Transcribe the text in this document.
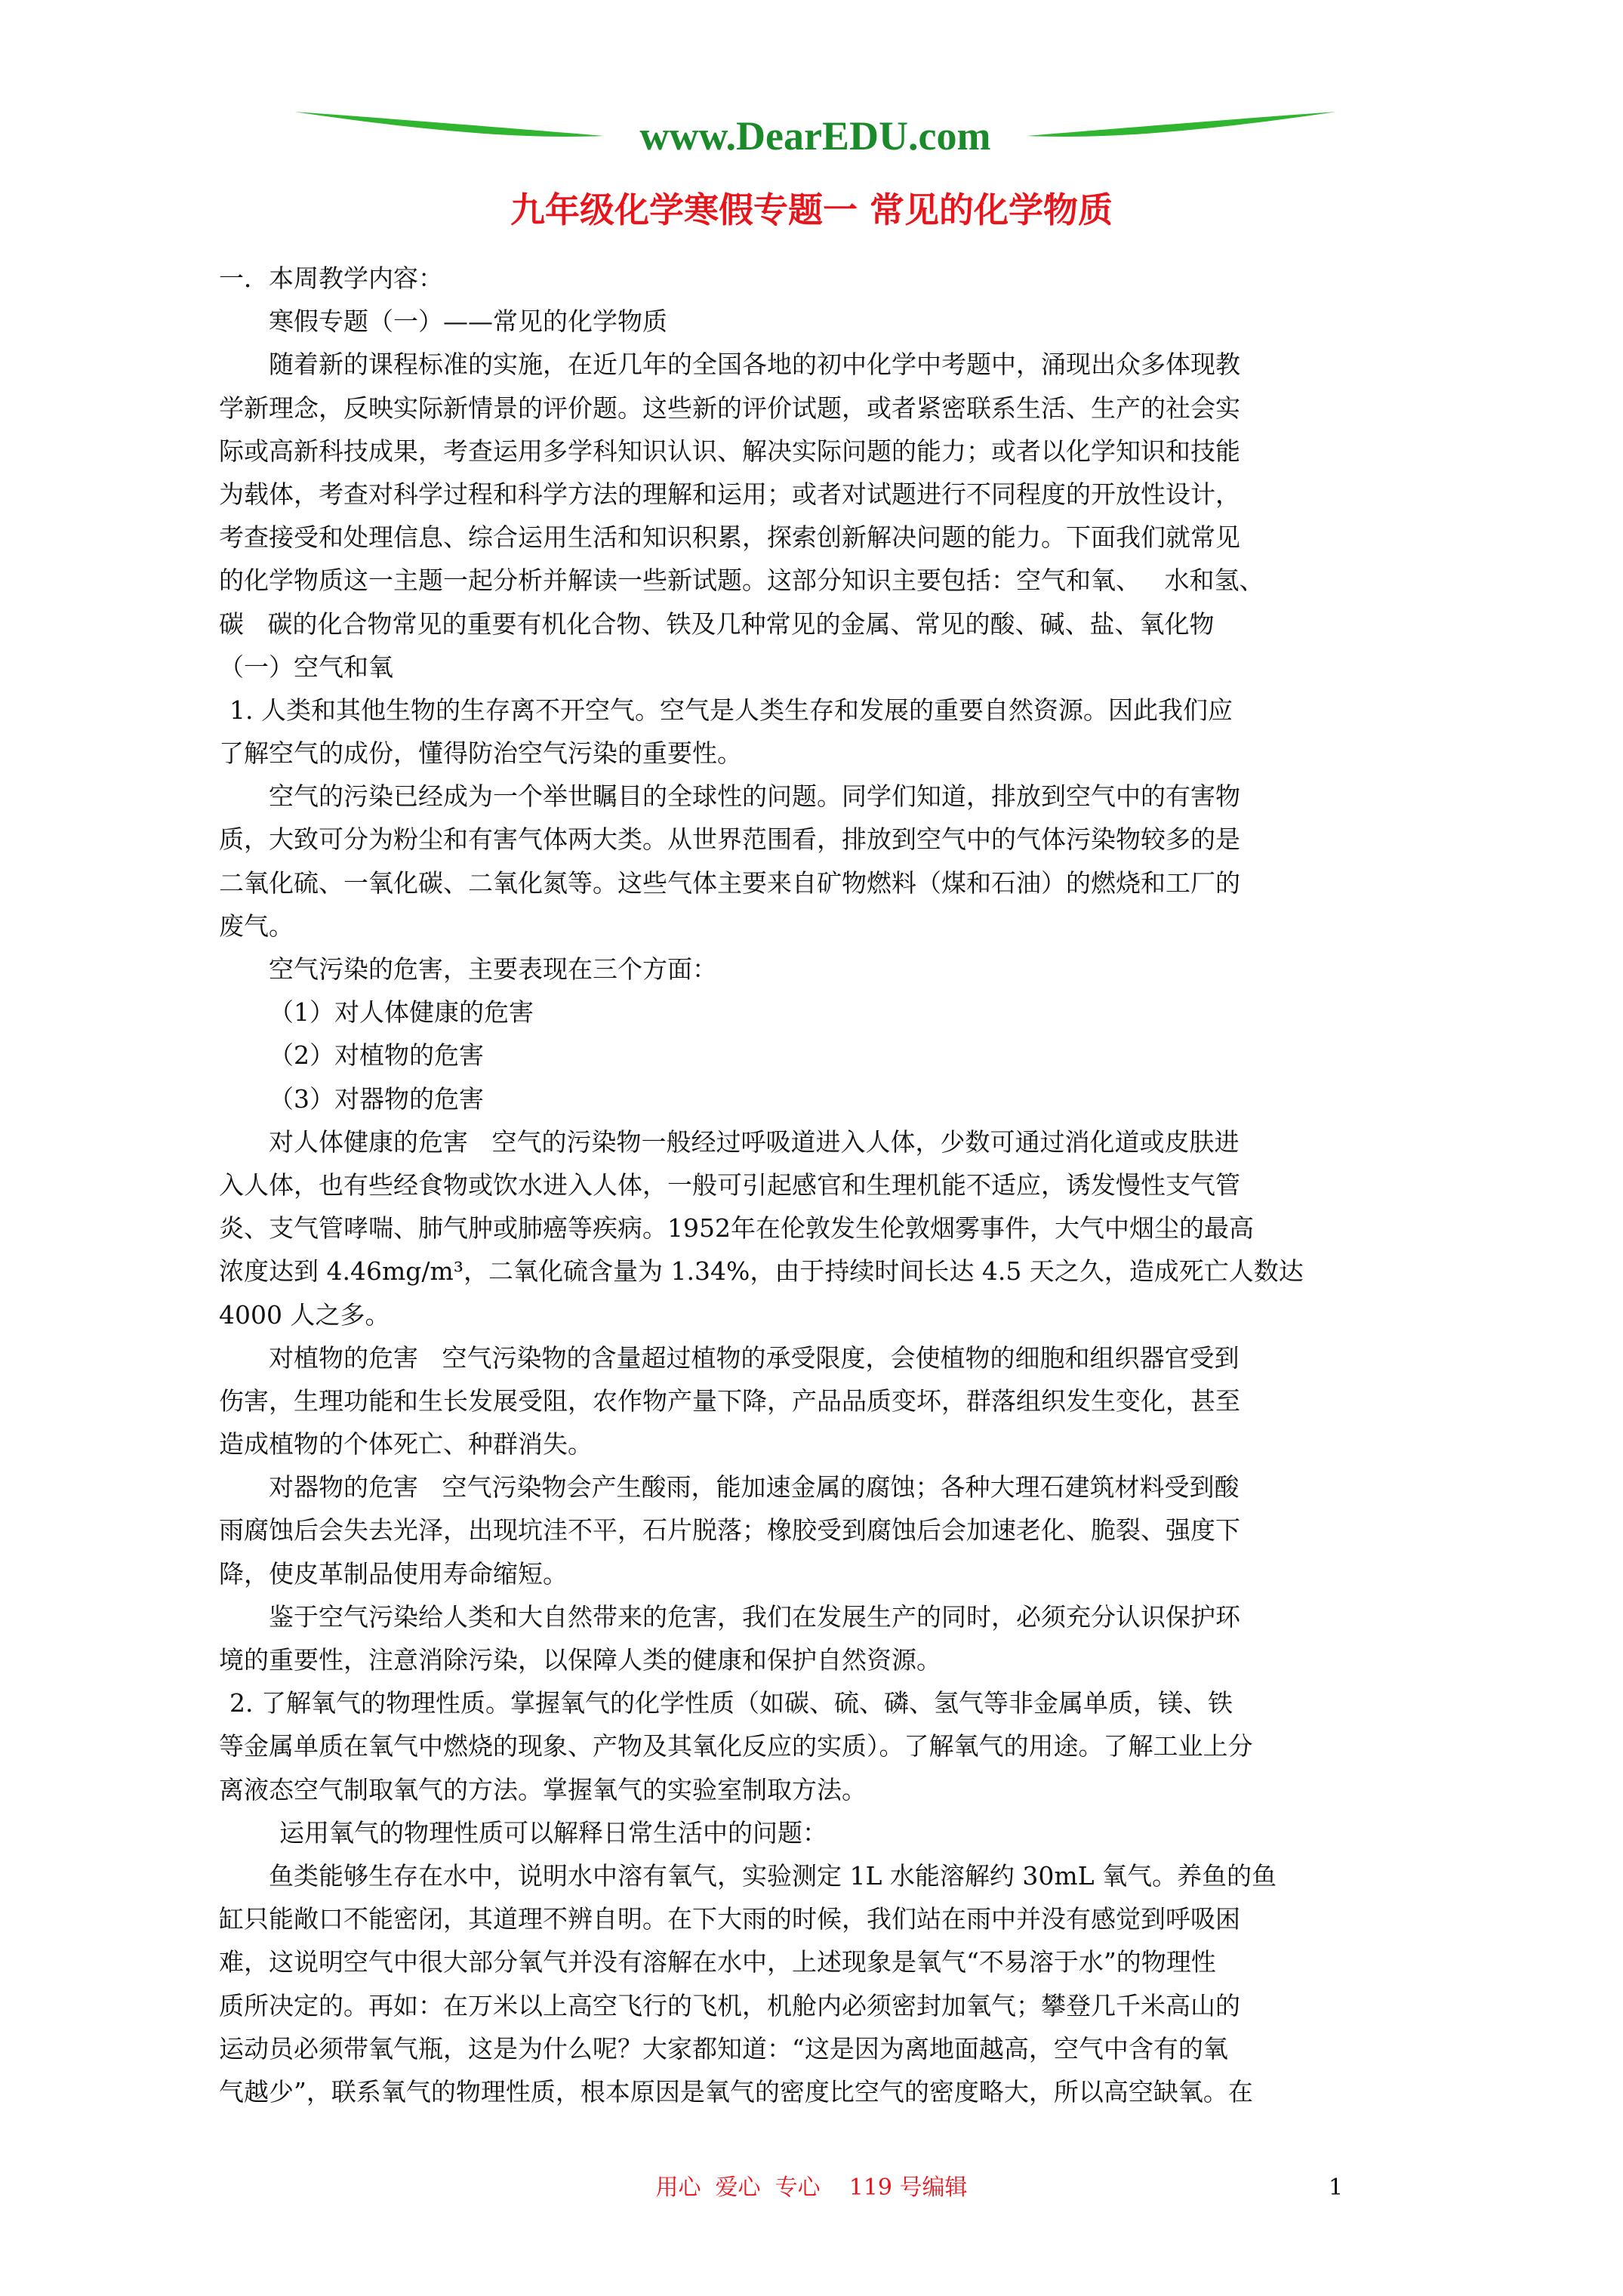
www.DearEDU.com
九年级化学寒假专题一 常见的化学物质
一．本周教学内容：
寒假专题（一）——常见的化学物质
随着新的课程标准的实施，在近几年的全国各地的初中化学中考题中，涌现出众多体现教
学新理念，反映实际新情景的评价题。这些新的评价试题，或者紧密联系生活、生产的社会实
际或高新科技成果，考查运用多学科知识认识、解决实际问题的能力；或者以化学知识和技能
为载体，考查对科学过程和科学方法的理解和运用；或者对试题进行不同程度的开放性设计，
考查接受和处理信息、综合运用生活和知识积累，探索创新解决问题的能力。下面我们就常见
的化学物质这一主题一起分析并解读一些新试题。这部分知识主要包括：空气和氧、   水和氢、
碳   碳的化合物常见的重要有机化合物、铁及几种常见的金属、常见的酸、碱、盐、氧化物
（一）空气和氧
1. 人类和其他生物的生存离不开空气。空气是人类生存和发展的重要自然资源。因此我们应
了解空气的成份，懂得防治空气污染的重要性。
空气的污染已经成为一个举世瞩目的全球性的问题。同学们知道，排放到空气中的有害物
质，大致可分为粉尘和有害气体两大类。从世界范围看，排放到空气中的气体污染物较多的是
二氧化硫、一氧化碳、二氧化氮等。这些气体主要来自矿物燃料（煤和石油）的燃烧和工厂的
废气。
空气污染的危害，主要表现在三个方面：
（1）对人体健康的危害
（2）对植物的危害
（3）对器物的危害
对人体健康的危害   空气的污染物一般经过呼吸道进入人体，少数可通过消化道或皮肤进
入人体，也有些经食物或饮水进入人体，一般可引起感官和生理机能不适应，诱发慢性支气管
炎、支气管哮喘、肺气肿或肺癌等疾病。1952年在伦敦发生伦敦烟雾事件，大气中烟尘的最高
浓度达到 4.46mg/m³，二氧化硫含量为 1.34%，由于持续时间长达 4.5 天之久，造成死亡人数达
4000 人之多。
对植物的危害   空气污染物的含量超过植物的承受限度，会使植物的细胞和组织器官受到
伤害，生理功能和生长发展受阻，农作物产量下降，产品品质变坏，群落组织发生变化，甚至
造成植物的个体死亡、种群消失。
对器物的危害   空气污染物会产生酸雨，能加速金属的腐蚀；各种大理石建筑材料受到酸
雨腐蚀后会失去光泽，出现坑洼不平，石片脱落；橡胶受到腐蚀后会加速老化、脆裂、强度下
降，使皮革制品使用寿命缩短。
鉴于空气污染给人类和大自然带来的危害，我们在发展生产的同时，必须充分认识保护环
境的重要性，注意消除污染，以保障人类的健康和保护自然资源。
2. 了解氧气的物理性质。掌握氧气的化学性质（如碳、硫、磷、氢气等非金属单质，镁、铁
等金属单质在氧气中燃烧的现象、产物及其氧化反应的实质）。了解氧气的用途。了解工业上分
离液态空气制取氧气的方法。掌握氧气的实验室制取方法。
运用氧气的物理性质可以解释日常生活中的问题：
鱼类能够生存在水中，说明水中溶有氧气，实验测定 1L 水能溶解约 30mL 氧气。养鱼的鱼
缸只能敞口不能密闭，其道理不辨自明。在下大雨的时候，我们站在雨中并没有感觉到呼吸困
难，这说明空气中很大部分氧气并没有溶解在水中，上述现象是氧气“不易溶于水”的物理性
质所决定的。再如：在万米以上高空飞行的飞机，机舱内必须密封加氧气；攀登几千米高山的
运动员必须带氧气瓶，这是为什么呢？大家都知道：“这是因为离地面越高，空气中含有的氧
气越少”，联系氧气的物理性质，根本原因是氧气的密度比空气的密度略大，所以高空缺氧。在
用心  爱心  专心    119 号编辑	1
